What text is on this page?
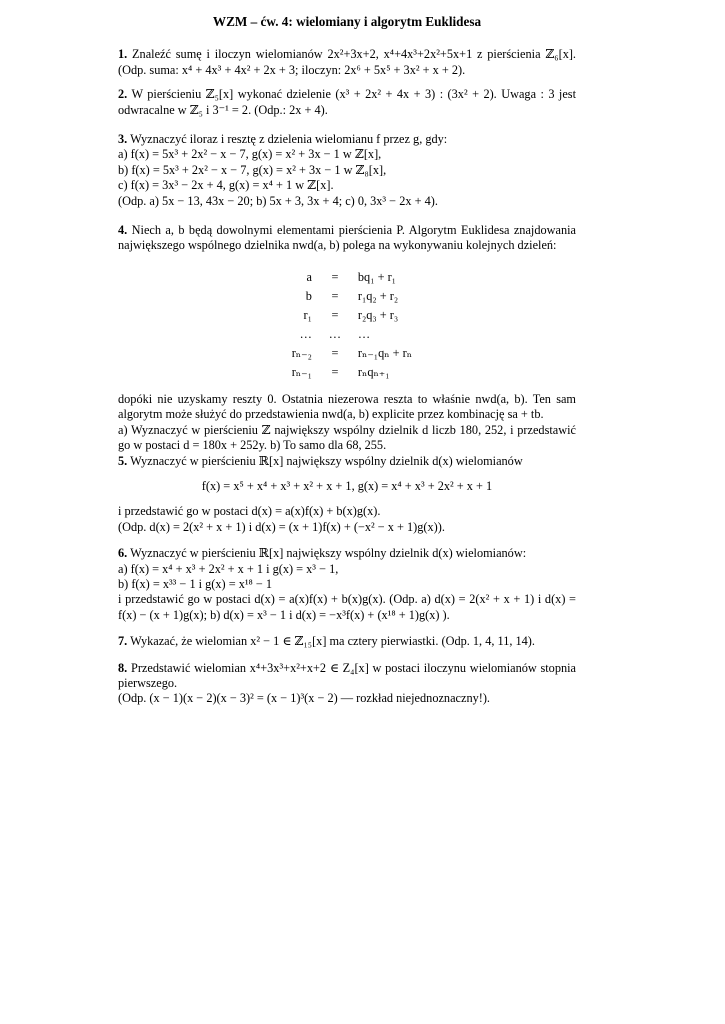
WZM – ćw. 4: wielomiany i algorytm Euklidesa

1. Znaleźć sumę i iloczyn wielomianów 2x²+3x+2, x⁴+4x³+2x²+5x+1 z pierścienia ℤ₆[x]. (Odp. suma: x⁴ + 4x³ + 4x² + 2x + 3; iloczyn: 2x⁶ + 5x⁵ + 3x² + x + 2).

2. W pierścieniu ℤ₅[x] wykonać dzielenie (x³ + 2x² + 4x + 3) : (3x² + 2). Uwaga : 3 jest odwracalne w ℤ₅ i 3⁻¹ = 2. (Odp.: 2x + 4).

3. Wyznaczyć iloraz i resztę z dzielenia wielomianu f przez g, gdy:

a) f(x) = 5x³ + 2x² − x − 7, g(x) = x² + 3x − 1 w ℤ[x],

b) f(x) = 5x³ + 2x² − x − 7, g(x) = x² + 3x − 1 w ℤ₈[x],

c) f(x) = 3x³ − 2x + 4, g(x) = x⁴ + 1 w ℤ[x].

(Odp. a) 5x − 13, 43x − 20; b) 5x + 3, 3x + 4; c) 0, 3x³ − 2x + 4).

4. Niech a, b będą dowolnymi elementami pierścienia P. Algorytm Euklidesa znajdowania największego wspólnego dzielnika nwd(a, b) polega na wykonywaniu kolejnych dzieleń:

a	=	bq₁ + r₁
b	=	r₁q₂ + r₂
r₁	=	r₂q₃ + r₃
…	…	…
rₙ₋₂	=	rₙ₋₁qₙ + rₙ
rₙ₋₁	=	rₙqₙ₊₁

dopóki nie uzyskamy reszty 0. Ostatnia niezerowa reszta to właśnie nwd(a, b). Ten sam algorytm może służyć do przedstawienia nwd(a, b) explicite przez kombinację sa + tb.

a) Wyznaczyć w pierścieniu ℤ największy wspólny dzielnik d liczb 180, 252, i przedstawić go w postaci d = 180x + 252y. b) To samo dla 68, 255.

5. Wyznaczyć w pierścieniu ℝ[x] największy wspólny dzielnik d(x) wielomianów

f(x) = x⁵ + x⁴ + x³ + x² + x + 1, g(x) = x⁴ + x³ + 2x² + x + 1

i przedstawić go w postaci d(x) = a(x)f(x) + b(x)g(x).

(Odp. d(x) = 2(x² + x + 1) i d(x) = (x + 1)f(x) + (−x² − x + 1)g(x)).

6. Wyznaczyć w pierścieniu ℝ[x] największy wspólny dzielnik d(x) wielomianów:

a) f(x) = x⁴ + x³ + 2x² + x + 1 i g(x) = x³ − 1,

b) f(x) = x³³ − 1 i g(x) = x¹⁸ − 1

i przedstawić go w postaci d(x) = a(x)f(x) + b(x)g(x). (Odp. a) d(x) = 2(x² + x + 1) i d(x) = f(x) − (x + 1)g(x); b) d(x) = x³ − 1 i d(x) = −x³f(x) + (x¹⁸ + 1)g(x) ).

7. Wykazać, że wielomian x² − 1 ∈ ℤ₁₅[x] ma cztery pierwiastki. (Odp. 1, 4, 11, 14).

8. Przedstawić wielomian x⁴+3x³+x²+x+2 ∈ Z₄[x] w postaci iloczynu wielomianów stopnia pierwszego.

(Odp. (x − 1)(x − 2)(x − 3)² = (x − 1)³(x − 2) — rozkład niejednoznaczny!).
